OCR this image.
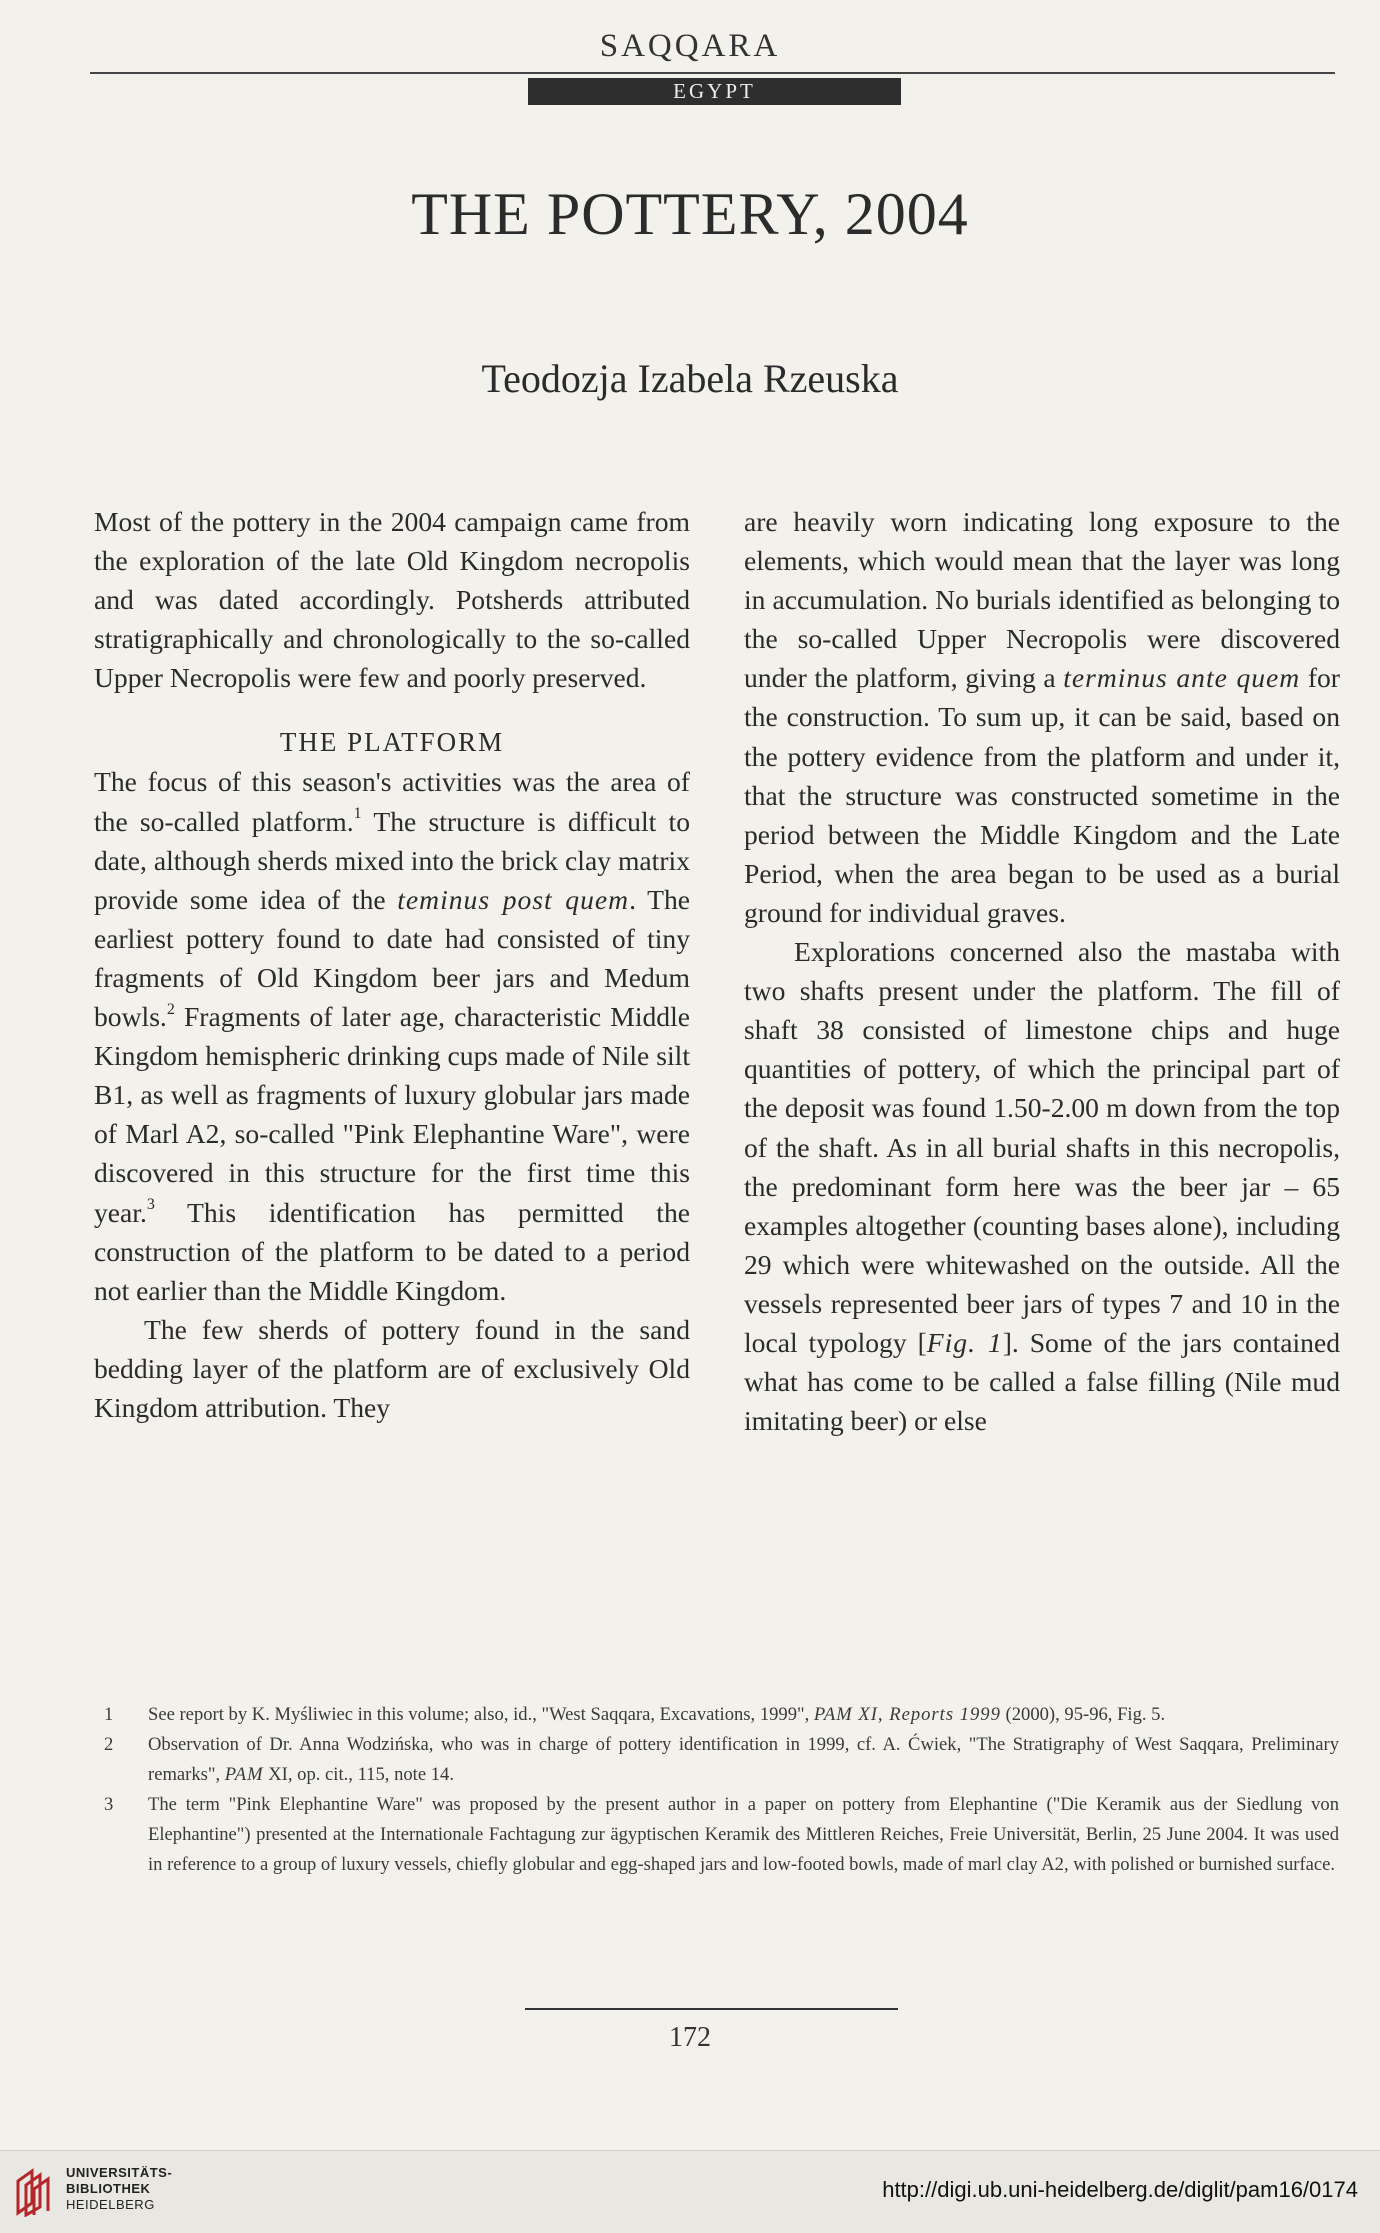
SAQQARA
EGYPT
THE POTTERY, 2004
Teodozja Izabela Rzeuska

Most of the pottery in the 2004 campaign came from the exploration of the late Old Kingdom necropolis and was dated accordingly. Potsherds attributed stratigraphically and chronologically to the so-called Upper Necropolis were few and poorly preserved.

THE PLATFORM

The focus of this season's activities was the area of the so-called platform.$^1$ The structure is difficult to date, although sherds mixed into the brick clay matrix provide some idea of the teminus post quem. The earliest pottery found to date had consisted of tiny fragments of Old Kingdom beer jars and Medum bowls.$^2$ Fragments of later age, characteristic Middle Kingdom hemispheric drinking cups made of Nile silt B1, as well as fragments of luxury globular jars made of Marl A2, so-called "Pink Elephantine Ware", were discovered in this structure for the first time this year.$^3$ This identification has permitted the construction of the platform to be dated to a period not earlier than the Middle Kingdom.

The few sherds of pottery found in the sand bedding layer of the platform are of exclusively Old Kingdom attribution. They

are heavily worn indicating long exposure to the elements, which would mean that the layer was long in accumulation. No burials identified as belonging to the so-called Upper Necropolis were discovered under the platform, giving a terminus ante quem for the construction. To sum up, it can be said, based on the pottery evidence from the platform and under it, that the structure was constructed sometime in the period between the Middle Kingdom and the Late Period, when the area began to be used as a burial ground for individual graves.

Explorations concerned also the mastaba with two shafts present under the platform. The fill of shaft 38 consisted of limestone chips and huge quantities of pottery, of which the principal part of the deposit was found 1.50-2.00 m down from the top of the shaft. As in all burial shafts in this necropolis, the predominant form here was the beer jar – 65 examples altogether (counting bases alone), including 29 which were whitewashed on the outside. All the vessels represented beer jars of types 7 and 10 in the local typology [Fig. 1]. Some of the jars contained what has come to be called a false filling (Nile mud imitating beer) or else

1 See report by K. Myśliwiec in this volume; also, id., "West Saqqara, Excavations, 1999", PAM XI, Reports 1999 (2000), 95-96, Fig. 5.
2 Observation of Dr. Anna Wodzińska, who was in charge of pottery identification in 1999, cf. A. Ćwiek, "The Stratigraphy of West Saqqara, Preliminary remarks", PAM XI, op. cit., 115, note 14.
3 The term "Pink Elephantine Ware" was proposed by the present author in a paper on pottery from Elephantine ("Die Keramik aus der Siedlung von Elephantine") presented at the Internationale Fachtagung zur ägyptischen Keramik des Mittleren Reiches, Freie Universität, Berlin, 25 June 2004. It was used in reference to a group of luxury vessels, chiefly globular and egg-shaped jars and low-footed bowls, made of marl clay A2, with polished or burnished surface.
172
UNIVERSITÄTS-
BIBLIOTHEK
HEIDELBERG
http://digi.ub.uni-heidelberg.de/diglit/pam16/0174
